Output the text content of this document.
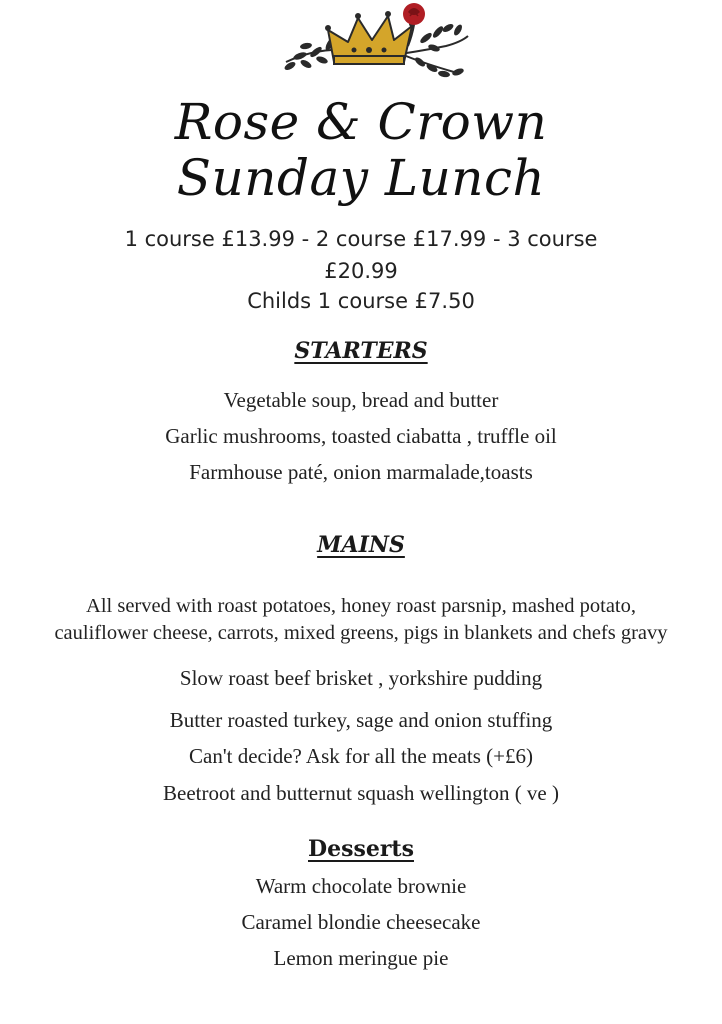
Rose & Crown
Sunday Lunch
1 course £13.99 - 2 course £17.99 - 3 course
£20.99
Childs 1 course £7.50
STARTERS
Vegetable soup, bread and butter
Garlic mushrooms, toasted ciabatta , truffle oil
Farmhouse paté, onion marmalade,toasts
MAINS
All served with roast potatoes, honey roast parsnip, mashed potato,
cauliflower cheese, carrots, mixed greens, pigs in blankets and chefs gravy
Slow roast beef brisket , yorkshire pudding
Butter roasted turkey, sage and onion stuffing
Can't decide? Ask for all the meats (+£6)
Beetroot and butternut squash wellington ( ve )
Desserts
Warm chocolate brownie
Caramel blondie cheesecake
Lemon meringue pie
